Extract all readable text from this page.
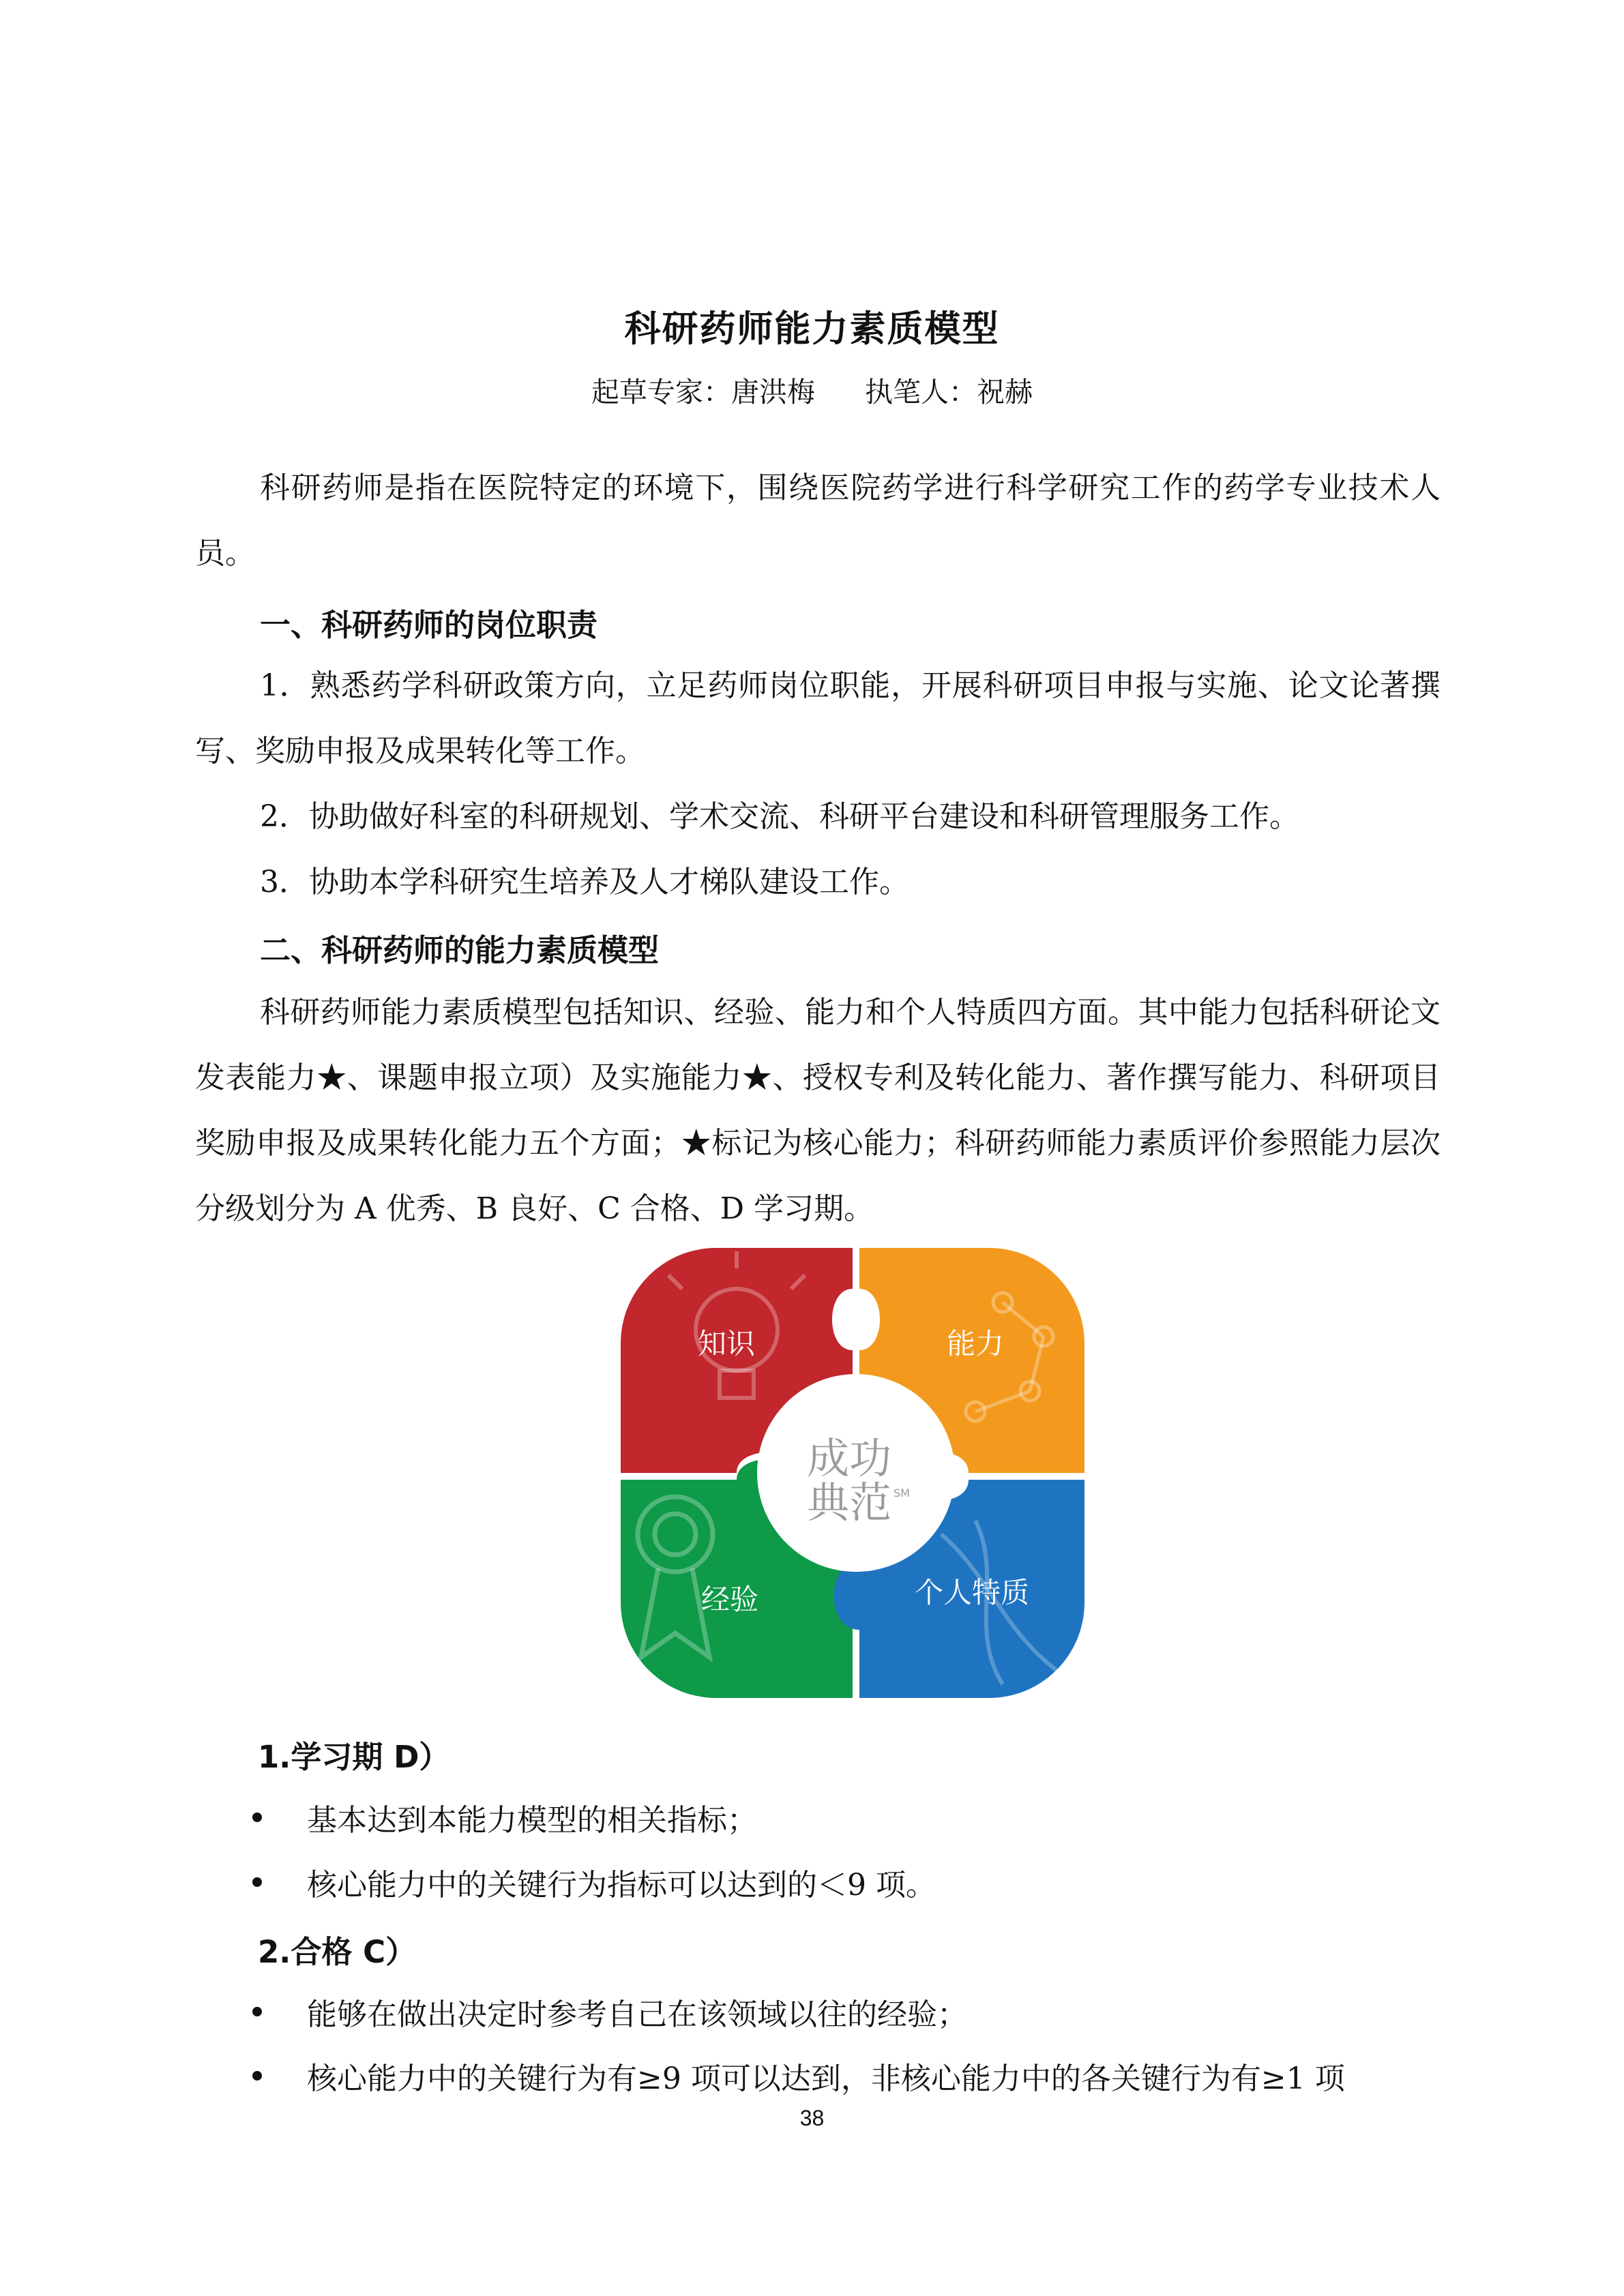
科研药师能力素质模型
起草专家：唐洪梅 执笔人：祝赫

科研药师是指在医院特定的环境下，围绕医院药学进行科学研究工作的药学专业技术人员。

一、科研药师的岗位职责

1．熟悉药学科研政策方向，立足药师岗位职能，开展科研项目申报与实施、论文论著撰写、奖励申报及成果转化等工作。

2．协助做好科室的科研规划、学术交流、科研平台建设和科研管理服务工作。

3．协助本学科研究生培养及人才梯队建设工作。

二、科研药师的能力素质模型

科研药师能力素质模型包括知识、经验、能力和个人特质四方面。其中能力包括科研论文发表能力★、课题申报立项）及实施能力★、授权专利及转化能力、著作撰写能力、科研项目奖励申报及成果转化能力五个方面；★标记为核心能力；科研药师能力素质评价参照能力层次分级划分为 A 优秀、B 良好、C 合格、D 学习期。

成功
典范 SM
知识	能力
经验	个人特质
1.学习期 D）
基本达到本能力模型的相关指标；
核心能力中的关键行为指标可以达到的＜9 项。
2.合格 C）
能够在做出决定时参考自己在该领域以往的经验；
核心能力中的关键行为有≥9 项可以达到，非核心能力中的各关键行为有≥1 项
38
